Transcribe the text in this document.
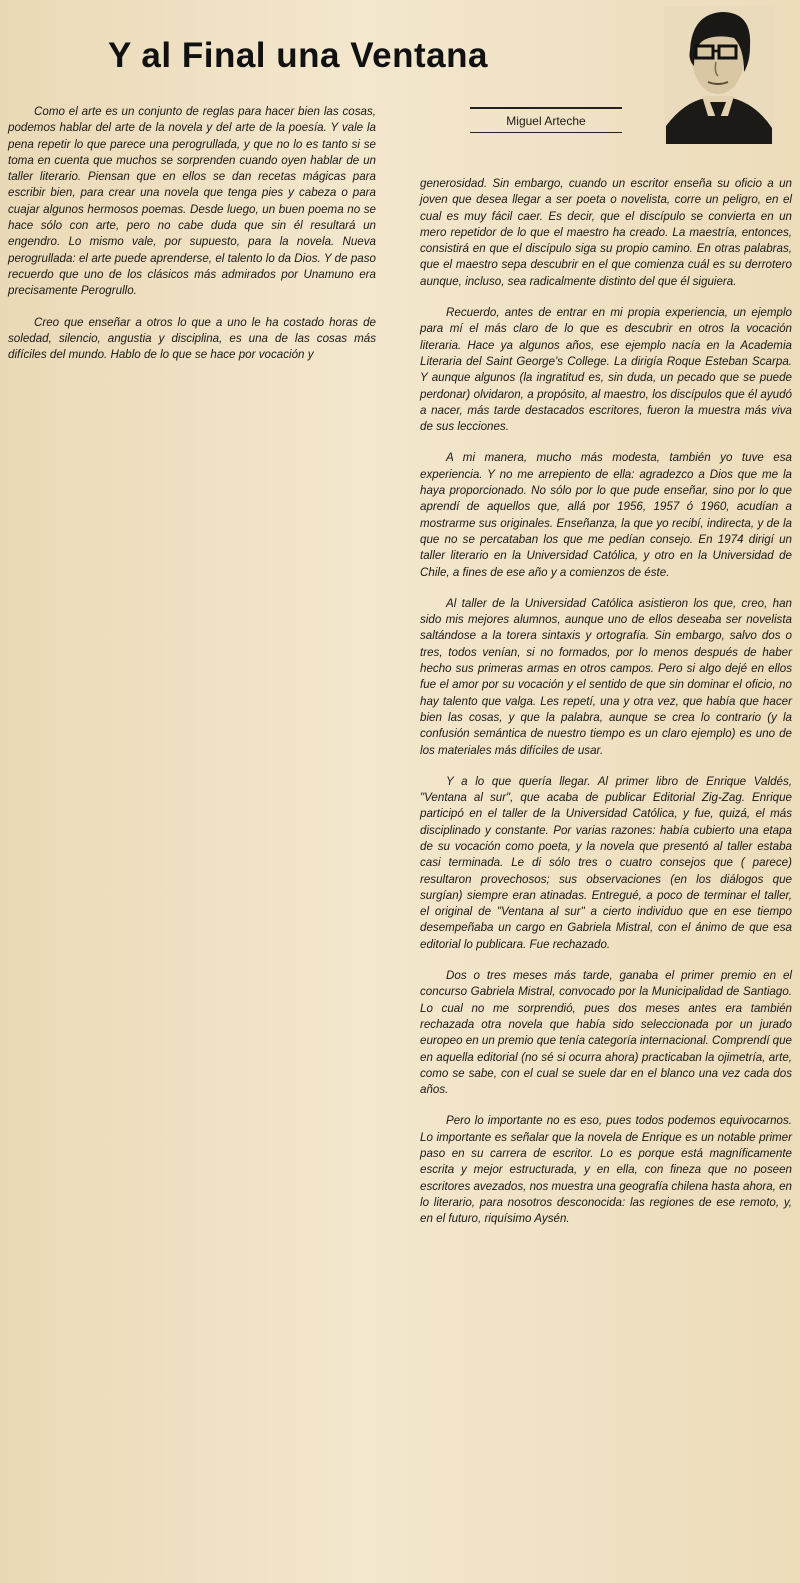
Y al Final una Ventana
Miguel Arteche

Como el arte es un conjunto de reglas para hacer bien las cosas, podemos hablar del arte de la novela y del arte de la poesía. Y vale la pena repetir lo que parece una perogrullada, y que no lo es tanto si se toma en cuenta que muchos se sorprenden cuando oyen hablar de un taller literario. Piensan que en ellos se dan recetas mágicas para escribir bien, para crear una novela que tenga pies y cabeza o para cuajar algunos hermosos poemas. Desde luego, un buen poema no se hace sólo con arte, pero no cabe duda que sin él resultará un engendro. Lo mismo vale, por supuesto, para la novela. Nueva perogrullada: el arte puede aprenderse, el talento lo da Dios. Y de paso recuerdo que uno de los clásicos más admirados por Unamuno era precisamente Perogrullo.

Creo que enseñar a otros lo que a uno le ha costado horas de soledad, silencio, angustia y disciplina, es una de las cosas más difíciles del mundo. Hablo de lo que se hace por vocación y

generosidad. Sin embargo, cuando un escritor enseña su oficio a un joven que desea llegar a ser poeta o novelista, corre un peligro, en el cual es muy fácil caer. Es decir, que el discípulo se convierta en un mero repetidor de lo que el maestro ha creado. La maestría, entonces, consistirá en que el discípulo siga su propio camino. En otras palabras, que el maestro sepa descubrir en el que comienza cuál es su derrotero aunque, incluso, sea radicalmente distinto del que él siguiera.

Recuerdo, antes de entrar en mi propia experiencia, un ejemplo para mí el más claro de lo que es descubrir en otros la vocación literaria. Hace ya algunos años, ese ejemplo nacía en la Academia Literaria del Saint George's College. La dirigía Roque Esteban Scarpa. Y aunque algunos (la ingratitud es, sin duda, un pecado que se puede perdonar) olvidaron, a propósito, al maestro, los discípulos que él ayudó a nacer, más tarde destacados escritores, fueron la muestra más viva de sus lecciones.

A mi manera, mucho más modesta, también yo tuve esa experiencia. Y no me arrepiento de ella: agradezco a Dios que me la haya proporcionado. No sólo por lo que pude enseñar, sino por lo que aprendí de aquellos que, allá por 1956, 1957 ó 1960, acudían a mostrarme sus originales. Enseñanza, la que yo recibí, indirecta, y de la que no se percataban los que me pedían consejo. En 1974 dirigí un taller literario en la Universidad Católica, y otro en la Universidad de Chile, a fines de ese año y a comienzos de éste.

Al taller de la Universidad Católica asistieron los que, creo, han sido mis mejores alumnos, aunque uno de ellos deseaba ser novelista saltándose a la torera sintaxis y ortografía. Sin embargo, salvo dos o tres, todos venían, si no formados, por lo menos después de haber hecho sus primeras armas en otros campos. Pero si algo dejé en ellos fue el amor por su vocación y el sentido de que sin dominar el oficio, no hay talento que valga. Les repetí, una y otra vez, que había que hacer bien las cosas, y que la palabra, aunque se crea lo contrario (y la confusión semántica de nuestro tiempo es un claro ejemplo) es uno de los materiales más difíciles de usar.

Y a lo que quería llegar. Al primer libro de Enrique Valdés, "Ventana al sur", que acaba de publicar Editorial Zig-Zag. Enrique participó en el taller de la Universidad Católica, y fue, quizá, el más disciplinado y constante. Por varias razones: había cubierto una etapa de su vocación como poeta, y la novela que presentó al taller estaba casi terminada. Le di sólo tres o cuatro consejos que ( parece) resultaron provechosos; sus observaciones (en los diálogos que surgían) siempre eran atinadas. Entregué, a poco de terminar el taller, el original de "Ventana al sur" a cierto individuo que en ese tiempo desempeñaba un cargo en Gabriela Mistral, con el ánimo de que esa editorial lo publicara. Fue rechazado.

Dos o tres meses más tarde, ganaba el primer premio en el concurso Gabriela Mistral, convocado por la Municipalidad de Santiago. Lo cual no me sorprendió, pues dos meses antes era también rechazada otra novela que había sido seleccionada por un jurado europeo en un premio que tenía categoría internacional. Comprendí que en aquella editorial (no sé si ocurra ahora) practicaban la ojimetría, arte, como se sabe, con el cual se suele dar en el blanco una vez cada dos años.

Pero lo importante no es eso, pues todos podemos equivocarnos. Lo importante es señalar que la novela de Enrique es un notable primer paso en su carrera de escritor. Lo es porque está magníficamente escrita y mejor estructurada, y en ella, con fineza que no poseen escritores avezados, nos muestra una geografía chilena hasta ahora, en lo literario, para nosotros desconocida: las regiones de ese remoto, y, en el futuro, riquísimo Aysén.
